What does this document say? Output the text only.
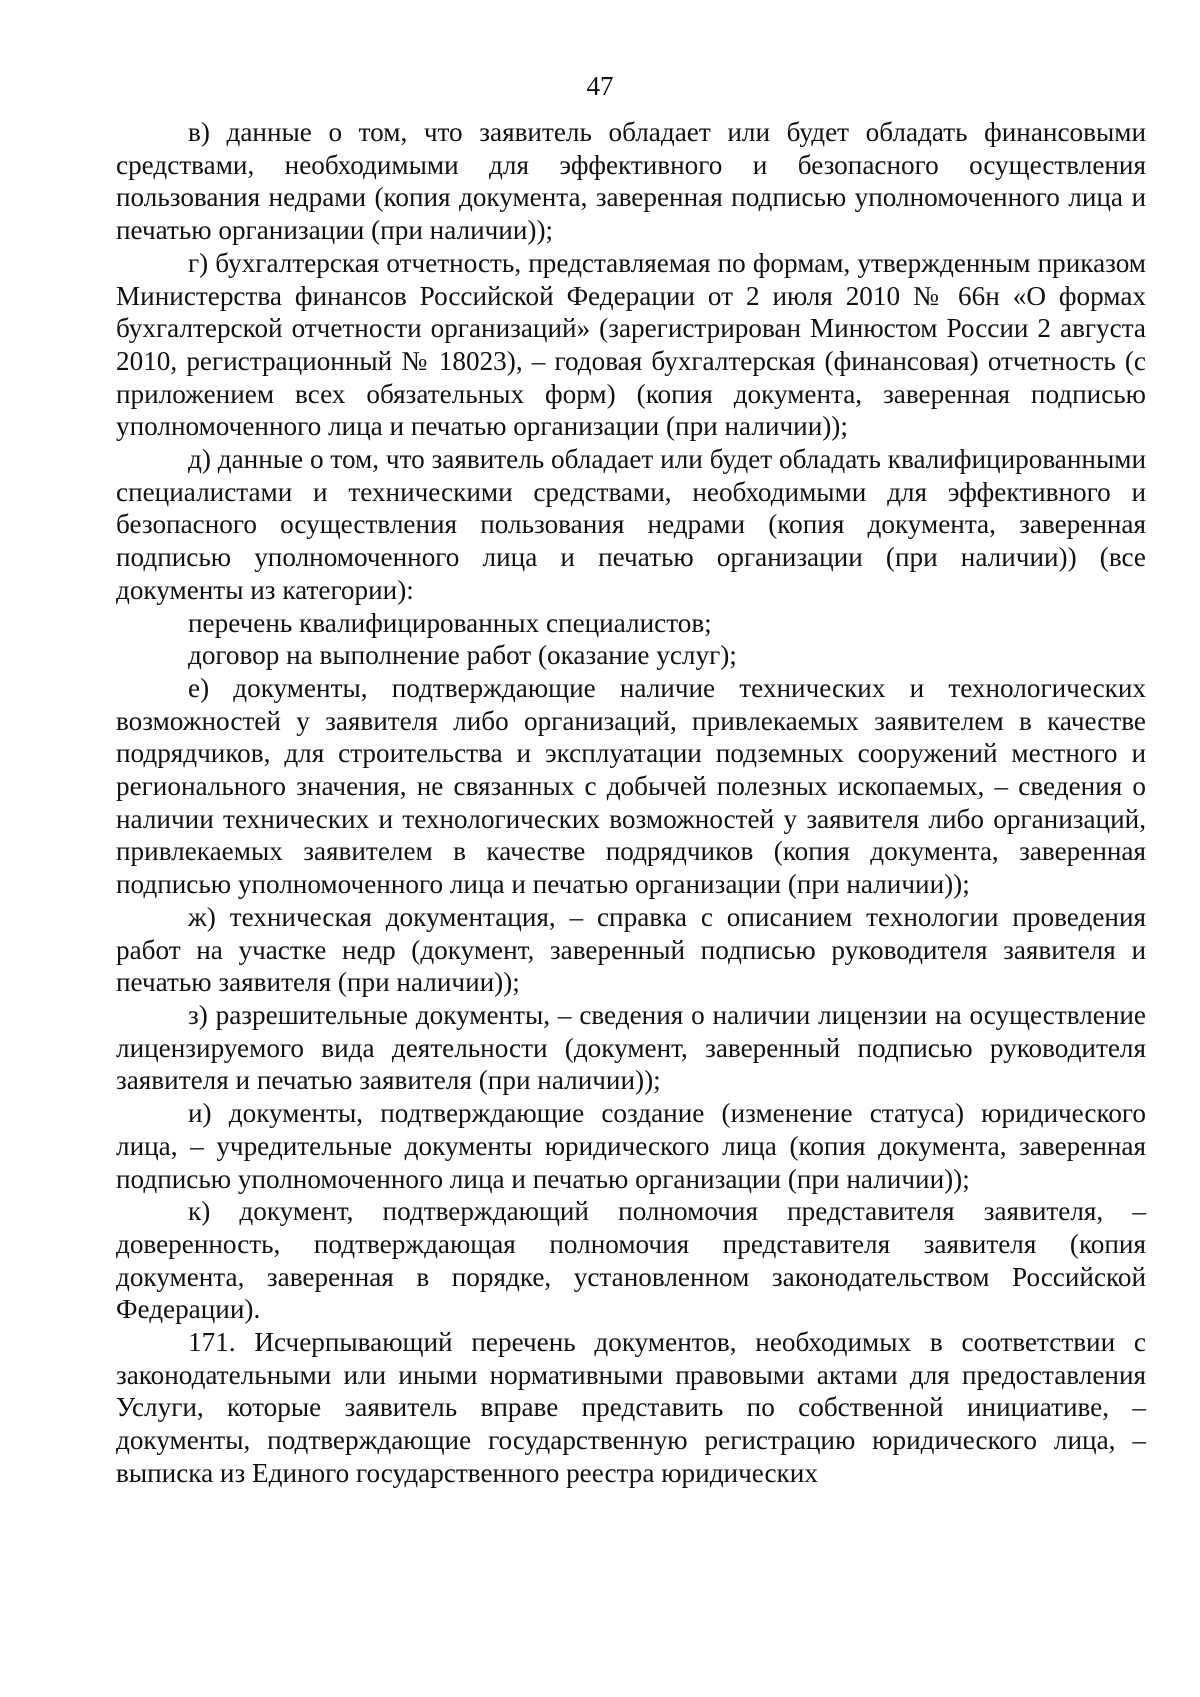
47

в) данные о том, что заявитель обладает или будет обладать финансовыми средствами, необходимыми для эффективного и безопасного осуществления пользования недрами (копия документа, заверенная подписью уполномоченного лица и печатью организации (при наличии));

г) бухгалтерская отчетность, представляемая по формам, утвержденным приказом Министерства финансов Российской Федерации от 2 июля 2010 № 66н «О формах бухгалтерской отчетности организаций» (зарегистрирован Минюстом России 2 августа 2010, регистрационный № 18023), – годовая бухгалтерская (финансовая) отчетность (с приложением всех обязательных форм) (копия документа, заверенная подписью уполномоченного лица и печатью организации (при наличии));

д) данные о том, что заявитель обладает или будет обладать квалифицированными специалистами и техническими средствами, необходимыми для эффективного и безопасного осуществления пользования недрами (копия документа, заверенная подписью уполномоченного лица и печатью организации (при наличии)) (все документы из категории):

перечень квалифицированных специалистов;

договор на выполнение работ (оказание услуг);

е) документы, подтверждающие наличие технических и технологических возможностей у заявителя либо организаций, привлекаемых заявителем в качестве подрядчиков, для строительства и эксплуатации подземных сооружений местного и регионального значения, не связанных с добычей полезных ископаемых, – сведения о наличии технических и технологических возможностей у заявителя либо организаций, привлекаемых заявителем в качестве подрядчиков (копия документа, заверенная подписью уполномоченного лица и печатью организации (при наличии));

ж) техническая документация, – справка с описанием технологии проведения работ на участке недр (документ, заверенный подписью руководителя заявителя и печатью заявителя (при наличии));

з) разрешительные документы, – сведения о наличии лицензии на осуществление лицензируемого вида деятельности (документ, заверенный подписью руководителя заявителя и печатью заявителя (при наличии));

и) документы, подтверждающие создание (изменение статуса) юридического лица, – учредительные документы юридического лица (копия документа, заверенная подписью уполномоченного лица и печатью организации (при наличии));

к) документ, подтверждающий полномочия представителя заявителя, – доверенность, подтверждающая полномочия представителя заявителя (копия документа, заверенная в порядке, установленном законодательством Российской Федерации).

171. Исчерпывающий перечень документов, необходимых в соответствии с законодательными или иными нормативными правовыми актами для предоставления Услуги, которые заявитель вправе представить по собственной инициативе, – документы, подтверждающие государственную регистрацию юридического лица, – выписка из Единого государственного реестра юридических
